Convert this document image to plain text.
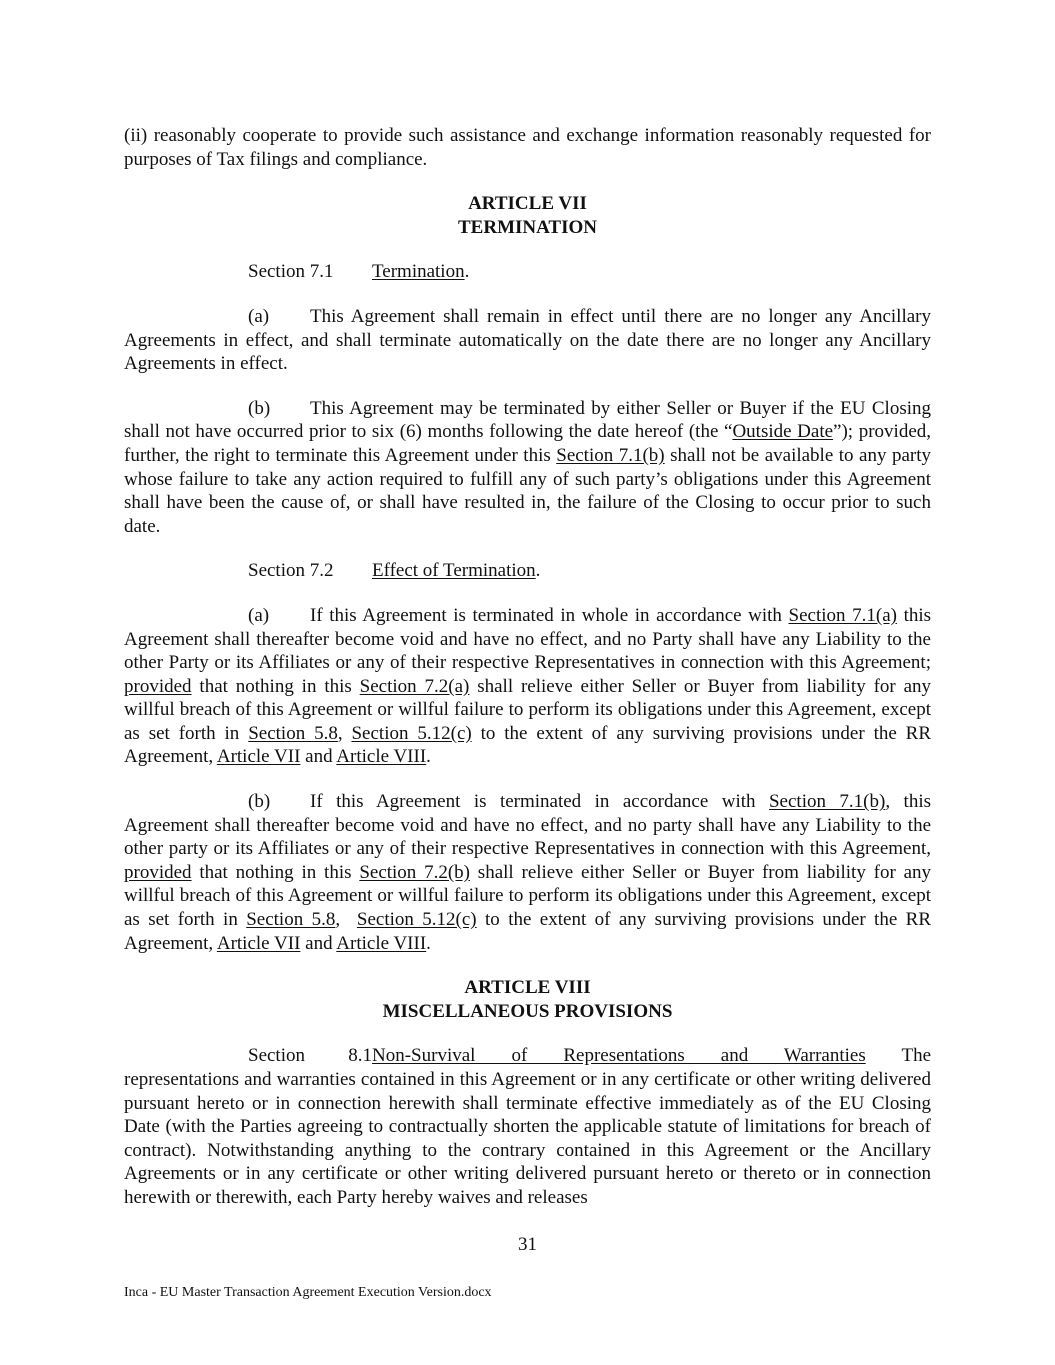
(ii) reasonably cooperate to provide such assistance and exchange information reasonably requested for purposes of Tax filings and compliance.

ARTICLE VII
TERMINATION

Section 7.1 Termination.

(a) This Agreement shall remain in effect until there are no longer any Ancillary Agreements in effect, and shall terminate automatically on the date there are no longer any Ancillary Agreements in effect.

(b) This Agreement may be terminated by either Seller or Buyer if the EU Closing shall not have occurred prior to six (6) months following the date hereof (the “Outside Date”); provided, further, the right to terminate this Agreement under this Section 7.1(b) shall not be available to any party whose failure to take any action required to fulfill any of such party’s obligations under this Agreement shall have been the cause of, or shall have resulted in, the failure of the Closing to occur prior to such date.

Section 7.2 Effect of Termination.

(a) If this Agreement is terminated in whole in accordance with Section 7.1(a) this Agreement shall thereafter become void and have no effect, and no Party shall have any Liability to the other Party or its Affiliates or any of their respective Representatives in connection with this Agreement; provided that nothing in this Section 7.2(a) shall relieve either Seller or Buyer from liability for any willful breach of this Agreement or willful failure to perform its obligations under this Agreement, except as set forth in Section 5.8, Section 5.12(c) to the extent of any surviving provisions under the RR Agreement, Article VII and Article VIII.

(b) If this Agreement is terminated in accordance with Section 7.1(b), this Agreement shall thereafter become void and have no effect, and no party shall have any Liability to the other party or its Affiliates or any of their respective Representatives in connection with this Agreement, provided that nothing in this Section 7.2(b) shall relieve either Seller or Buyer from liability for any willful breach of this Agreement or willful failure to perform its obligations under this Agreement, except as set forth in Section 5.8,  Section 5.12(c) to the extent of any surviving provisions under the RR Agreement, Article VII and Article VIII.

ARTICLE VIII
MISCELLANEOUS PROVISIONS

Section 8.1Non-Survival of Representations and Warranties The

representations and warranties contained in this Agreement or in any certificate or other writing delivered pursuant hereto or in connection herewith shall terminate effective immediately as of the EU Closing Date (with the Parties agreeing to contractually shorten the applicable statute of limitations for breach of contract). Notwithstanding anything to the contrary contained in this Agreement or the Ancillary Agreements or in any certificate or other writing delivered pursuant hereto or thereto or in connection herewith or therewith, each Party hereby waives and releases

31
Inca - EU Master Transaction Agreement Execution Version.docx
